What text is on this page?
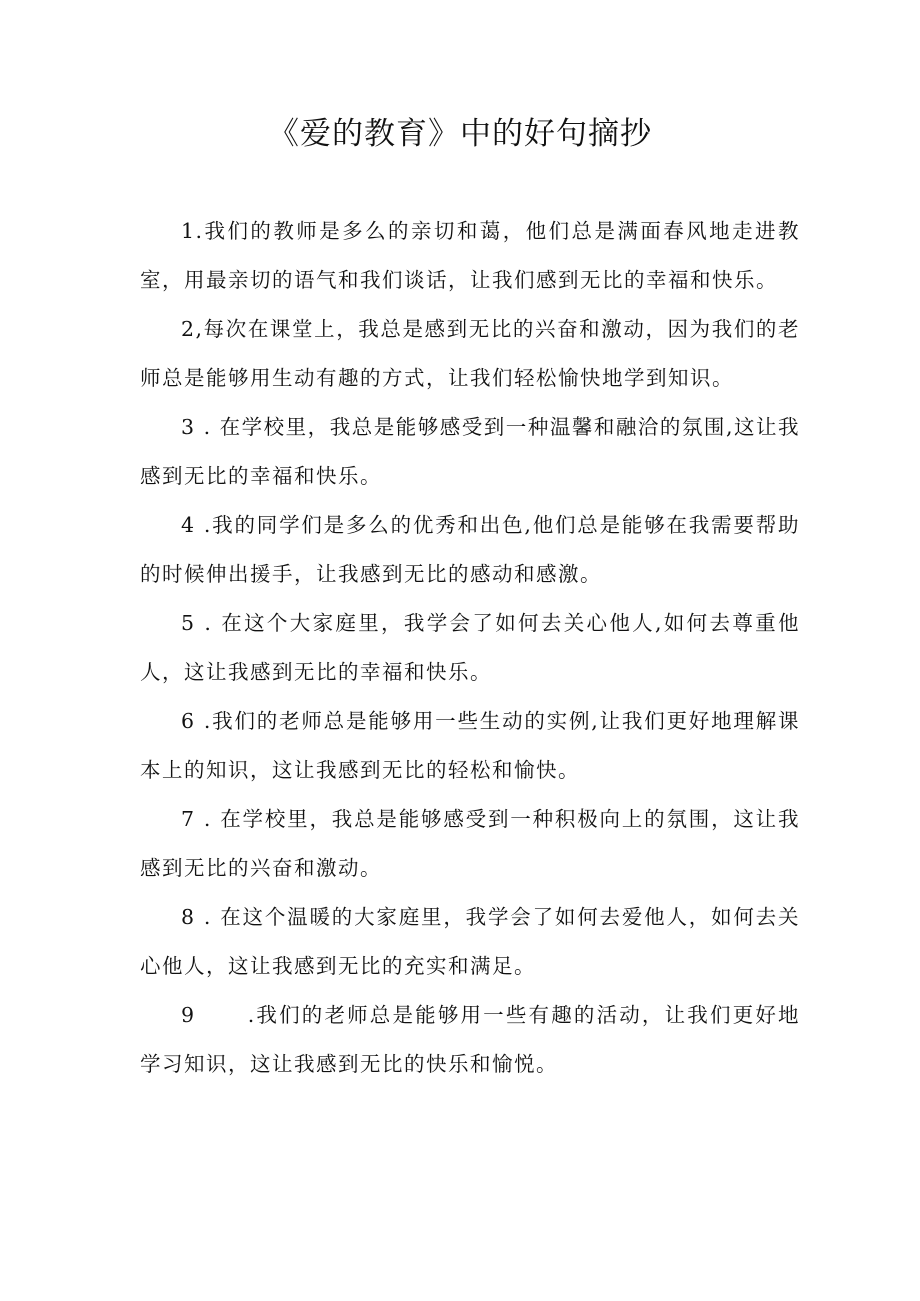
《爱的教育》中的好句摘抄

1.我们的教师是多么的亲切和蔼，他们总是满面春风地走进教室，用最亲切的语气和我们谈话，让我们感到无比的幸福和快乐。

2,每次在课堂上，我总是感到无比的兴奋和激动，因为我们的老师总是能够用生动有趣的方式，让我们轻松愉快地学到知识。

3 . 在学校里，我总是能够感受到一种温馨和融洽的氛围,这让我感到无比的幸福和快乐。

4 .我的同学们是多么的优秀和出色,他们总是能够在我需要帮助的时候伸出援手，让我感到无比的感动和感激。

5 . 在这个大家庭里，我学会了如何去关心他人,如何去尊重他人，这让我感到无比的幸福和快乐。

6 .我们的老师总是能够用一些生动的实例,让我们更好地理解课本上的知识，这让我感到无比的轻松和愉快。

7 . 在学校里，我总是能够感受到一种积极向上的氛围，这让我感到无比的兴奋和激动。

8 . 在这个温暖的大家庭里，我学会了如何去爱他人，如何去关心他人，这让我感到无比的充实和满足。

9      .我们的老师总是能够用一些有趣的活动，让我们更好地学习知识，这让我感到无比的快乐和愉悦。
